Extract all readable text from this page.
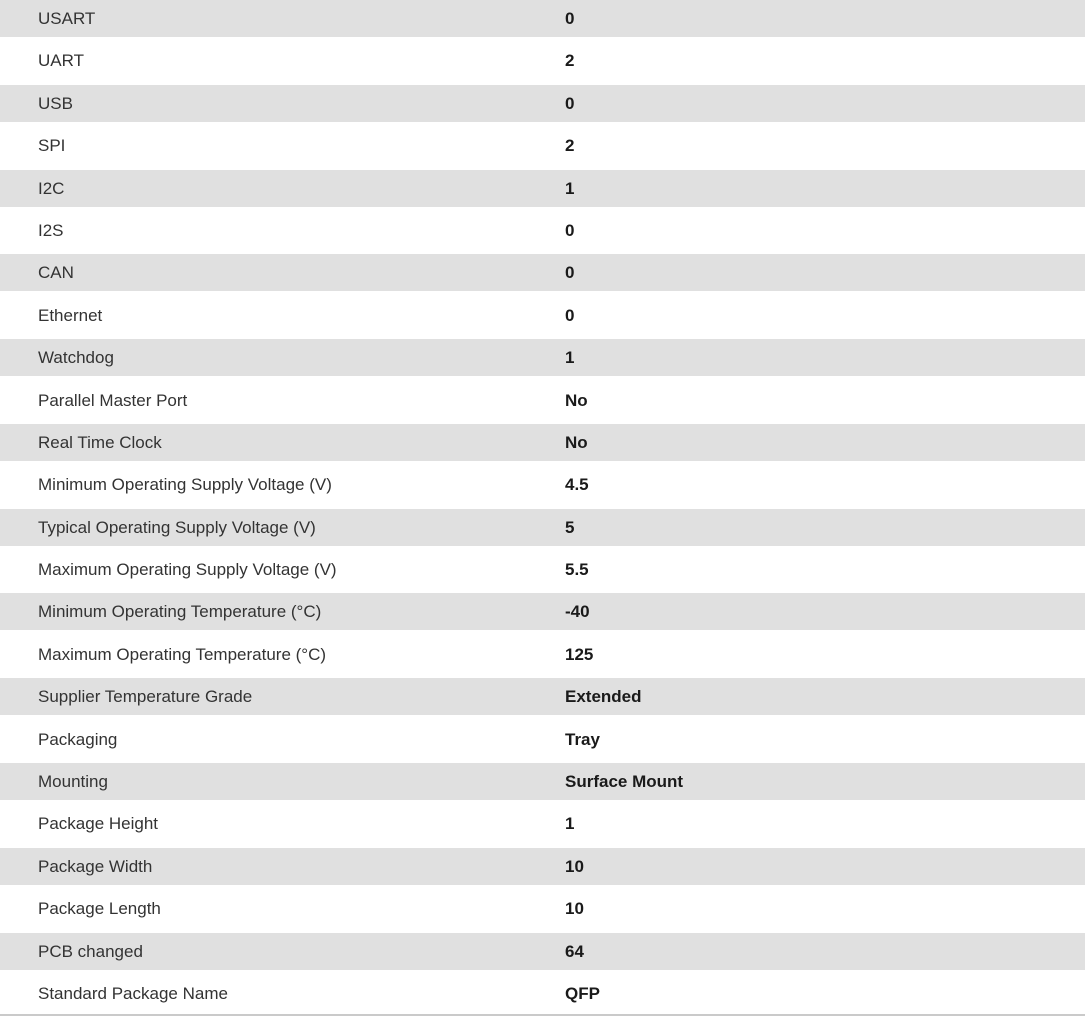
USART	0
UART	2
USB	0
SPI	2
I2C	1
I2S	0
CAN	0
Ethernet	0
Watchdog	1
Parallel Master Port	No
Real Time Clock	No
Minimum Operating Supply Voltage (V)	4.5
Typical Operating Supply Voltage (V)	5
Maximum Operating Supply Voltage (V)	5.5
Minimum Operating Temperature (°C)	-40
Maximum Operating Temperature (°C)	125
Supplier Temperature Grade	Extended
Packaging	Tray
Mounting	Surface Mount
Package Height	1
Package Width	10
Package Length	10
PCB changed	64
Standard Package Name	QFP
